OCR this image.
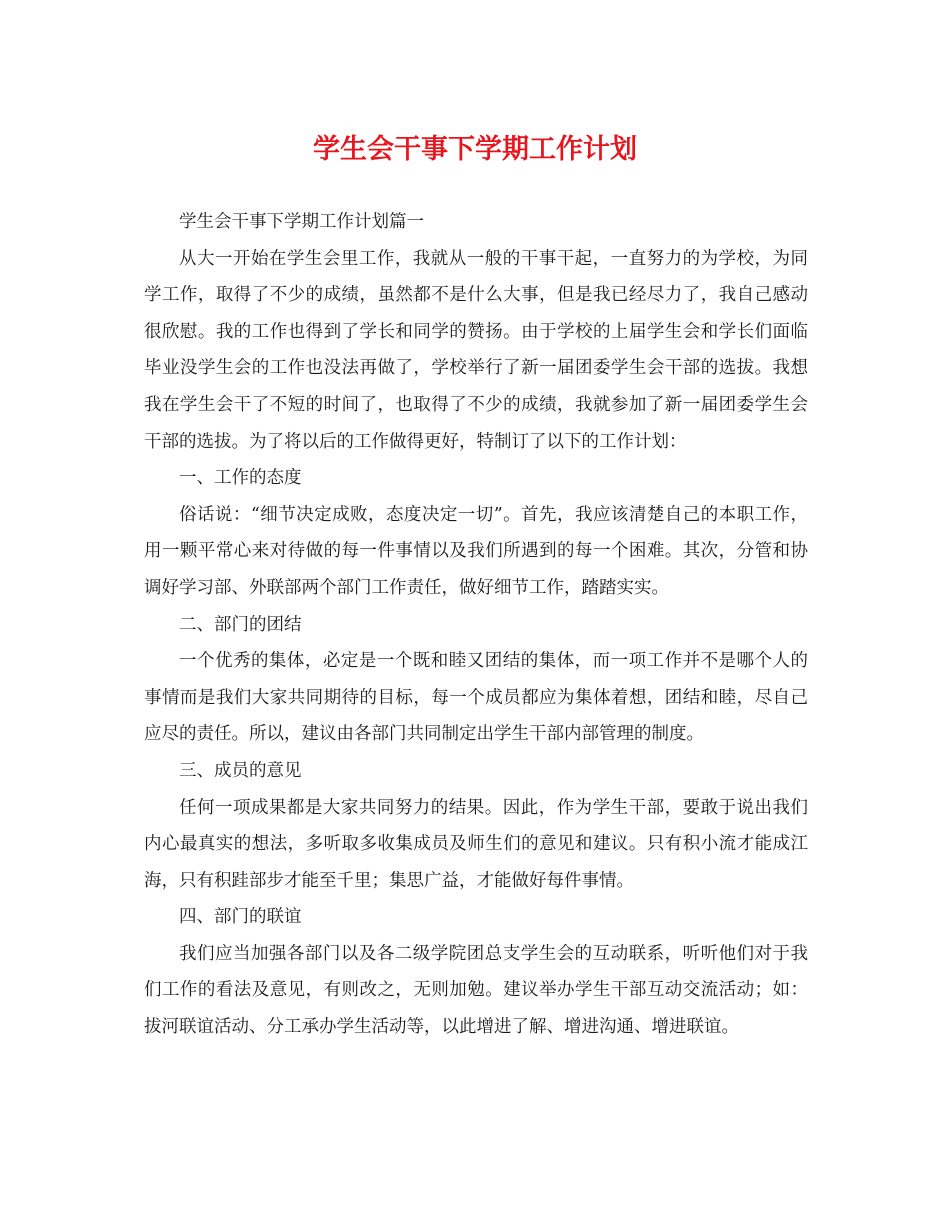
学生会干事下学期工作计划

学生会干事下学期工作计划篇一

从大一开始在学生会里工作，我就从一般的干事干起，一直努力的为学校，为同学工作，取得了不少的成绩，虽然都不是什么大事，但是我已经尽力了，我自己感动很欣慰。我的工作也得到了学长和同学的赞扬。由于学校的上届学生会和学长们面临毕业没学生会的工作也没法再做了，学校举行了新一届团委学生会干部的选拔。我想我在学生会干了不短的时间了，也取得了不少的成绩，我就参加了新一届团委学生会干部的选拔。为了将以后的工作做得更好，特制订了以下的工作计划：

一、工作的态度

俗话说：“细节决定成败，态度决定一切”。首先，我应该清楚自己的本职工作，用一颗平常心来对待做的每一件事情以及我们所遇到的每一个困难。其次，分管和协调好学习部、外联部两个部门工作责任，做好细节工作，踏踏实实。

二、部门的团结

一个优秀的集体，必定是一个既和睦又团结的集体，而一项工作并不是哪个人的事情而是我们大家共同期待的目标，每一个成员都应为集体着想，团结和睦，尽自己应尽的责任。所以，建议由各部门共同制定出学生干部内部管理的制度。

三、成员的意见

任何一项成果都是大家共同努力的结果。因此，作为学生干部，要敢于说出我们内心最真实的想法，多听取多收集成员及师生们的意见和建议。只有积小流才能成江海，只有积跬部步才能至千里；集思广益，才能做好每件事情。

四、部门的联谊

我们应当加强各部门以及各二级学院团总支学生会的互动联系，听听他们对于我们工作的看法及意见，有则改之，无则加勉。建议举办学生干部互动交流活动；如：拔河联谊活动、分工承办学生活动等，以此增进了解、增进沟通、增进联谊。
